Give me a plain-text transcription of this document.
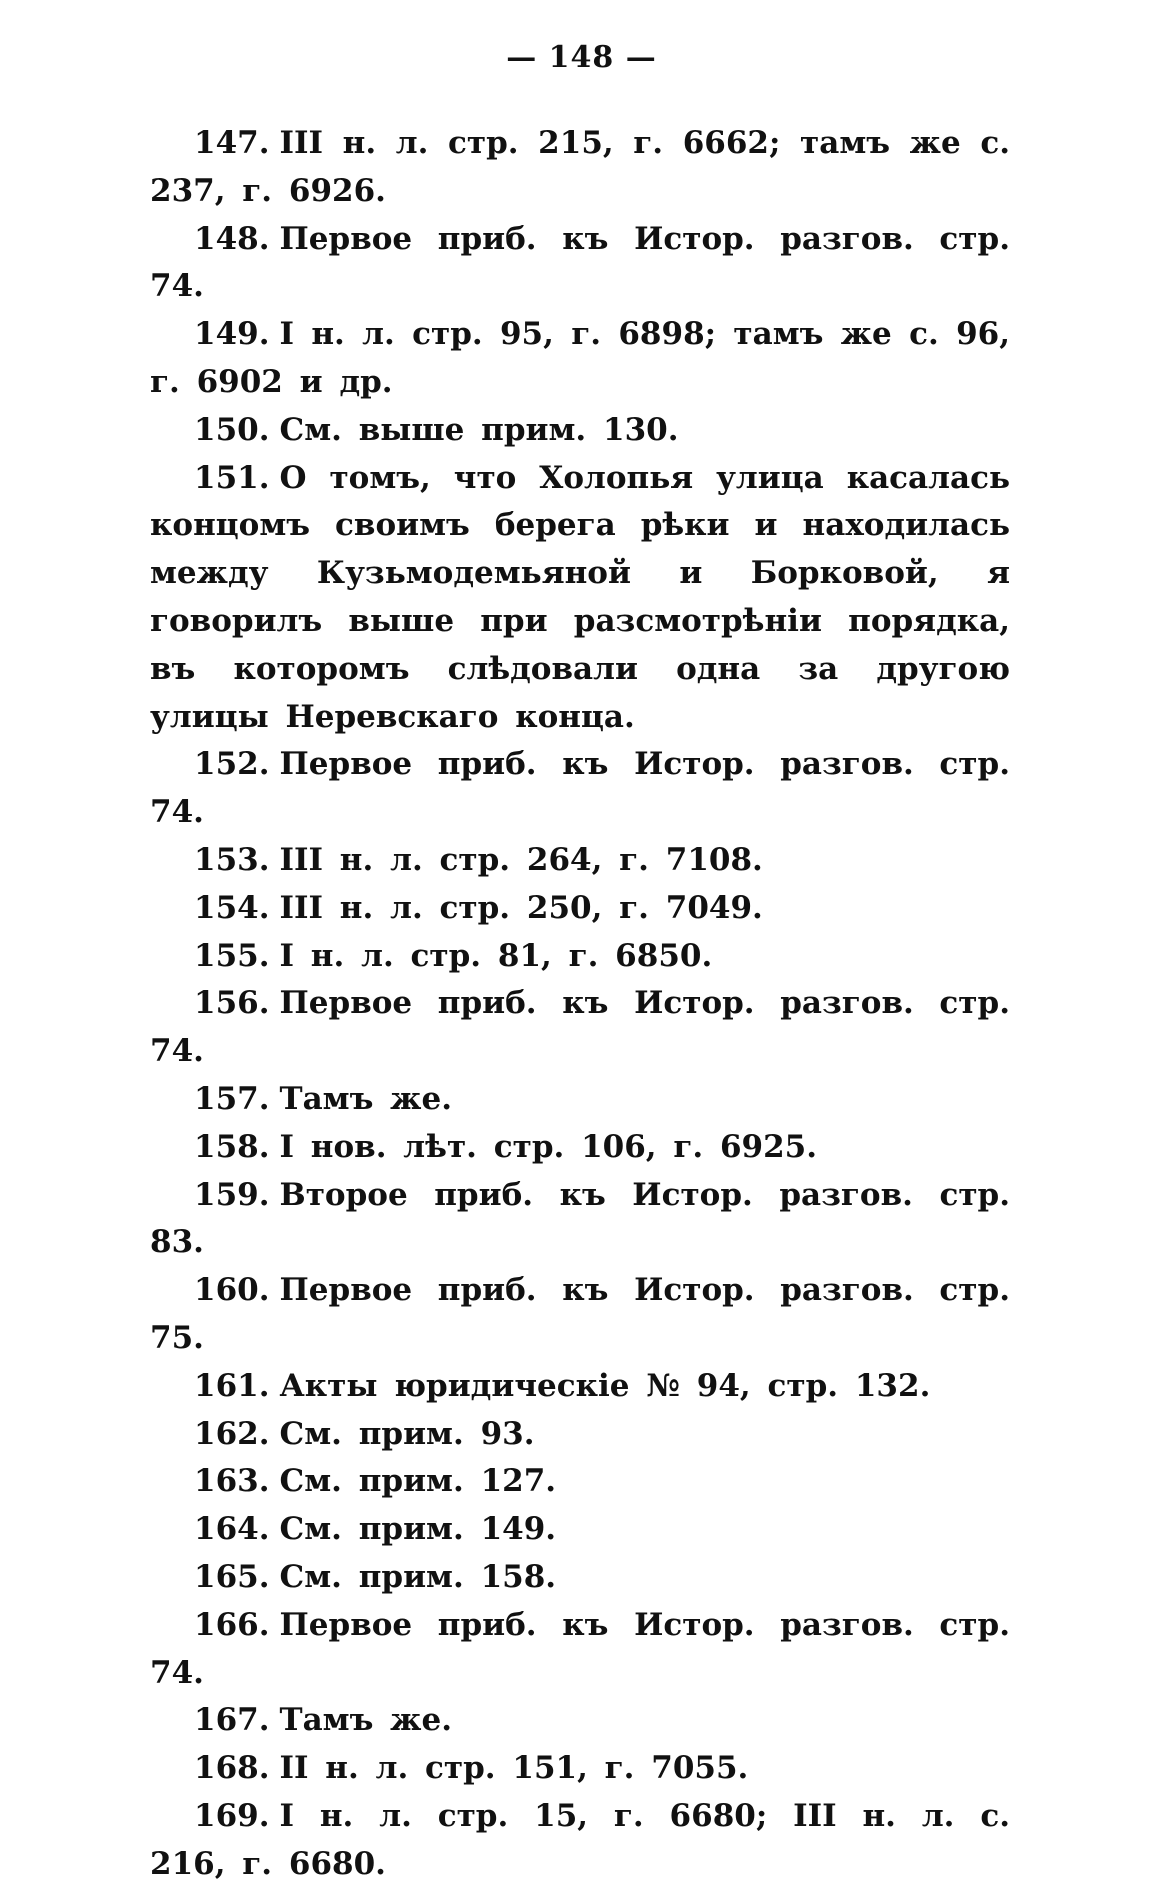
— 148 —

147. III н. л. стр. 215, г. 6662; тамъ же с. 237, г. 6926.

148. Первое приб. къ Истор. разгов. стр. 74.

149. I н. л. стр. 95, г. 6898; тамъ же с. 96, г. 6902 и др.

150. См. выше прим. 130.

151. О томъ, что Холопья улица касалась концомъ своимъ берега рѣки и находилась между Кузьмодемьяной и Борковой, я говорилъ выше при разсмотрѣніи порядка, въ которомъ слѣдовали одна за другою улицы Неревскаго конца.

152. Первое приб. къ Истор. разгов. стр. 74.

153. III н. л. стр. 264, г. 7108.

154. III н. л. стр. 250, г. 7049.

155. I н. л. стр. 81, г. 6850.

156. Первое приб. къ Истор. разгов. стр. 74.

157. Тамъ же.

158. I нов. лѣт. стр. 106, г. 6925.

159. Второе приб. къ Истор. разгов. стр. 83.

160. Первое приб. къ Истор. разгов. стр. 75.

161. Акты юридическіе № 94, стр. 132.

162. См. прим. 93.

163. См. прим. 127.

164. См. прим. 149.

165. См. прим. 158.

166. Первое приб. къ Истор. разгов. стр. 74.

167. Тамъ же.

168. II н. л. стр. 151, г. 7055.

169. I н. л. стр. 15, г. 6680; III н. л. с. 216, г. 6680.
